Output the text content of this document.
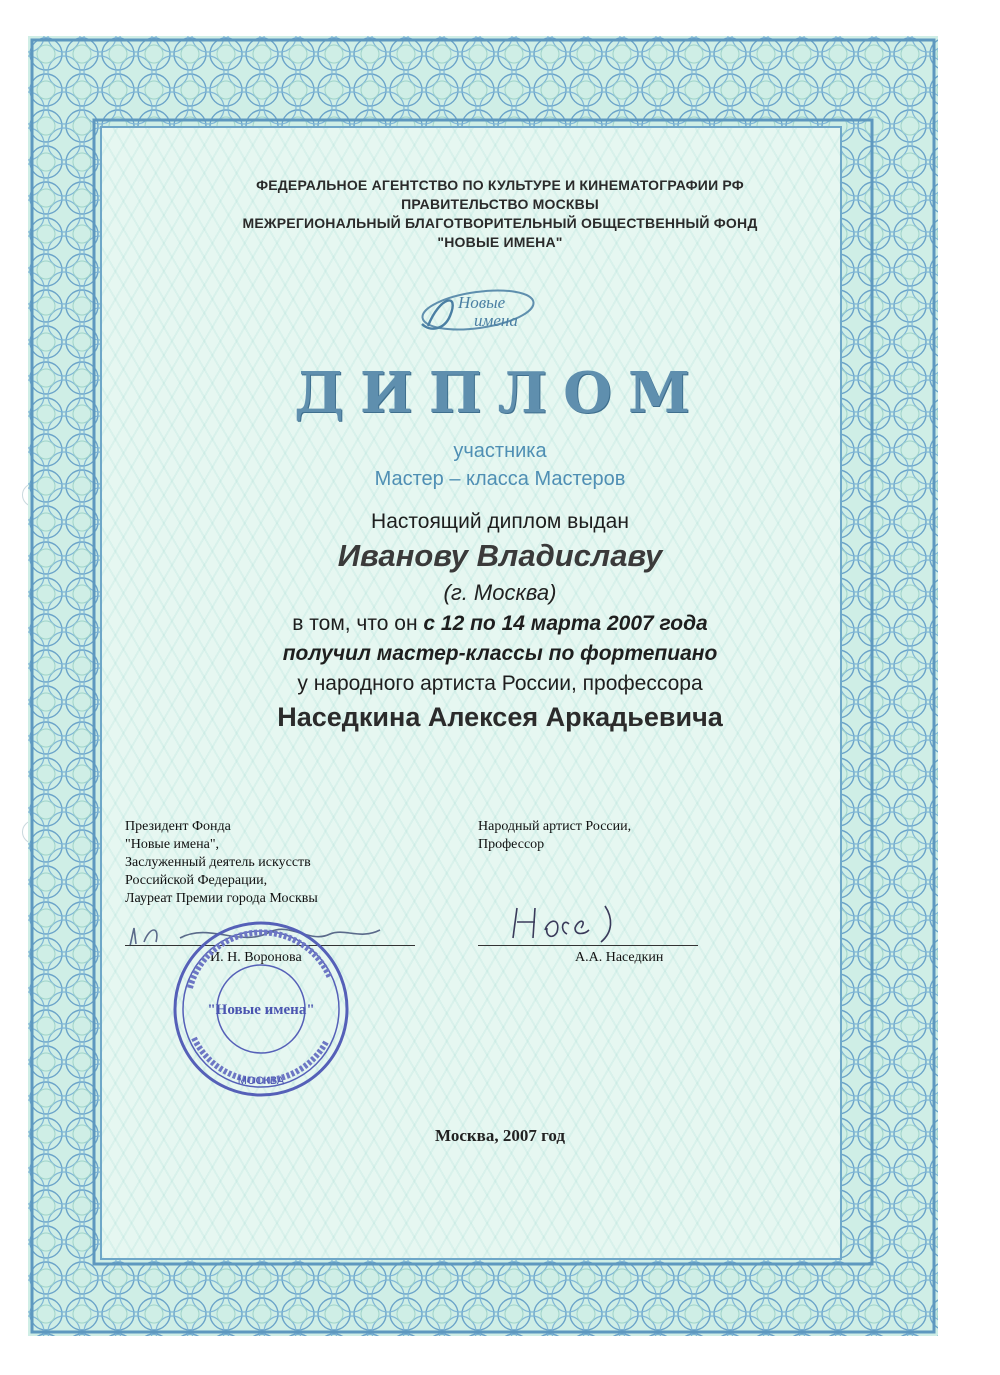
ФЕДЕРАЛЬНОЕ АГЕНТСТВО ПО КУЛЬТУРЕ И КИНЕМАТОГРАФИИ РФ
ПРАВИТЕЛЬСТВО МОСКВЫ
МЕЖРЕГИОНАЛЬНЫЙ БЛАГОТВОРИТЕЛЬНЫЙ ОБЩЕСТВЕННЫЙ ФОНД
"НОВЫЕ ИМЕНА"
Новые
имена
ДИПЛОМ
участника
Мастер – класса Мастеров
Настоящий диплом выдан
Иванову Владиславу
(г. Москва)
в том, что он с 12 по 14 марта 2007 года
получил мастер-классы по фортепиано
у народного артиста России, профессора
Наседкина Алексея Аркадьевича
Президент Фонда
"Новые имена",
Заслуженный деятель искусств
Российской Федерации,
Лауреат Премии города Москвы
Народный артист России,
Профессор
И. Н. Воронова	А.А. Наседкин
"Новые имена"
МОСКВА
Москва, 2007 год
